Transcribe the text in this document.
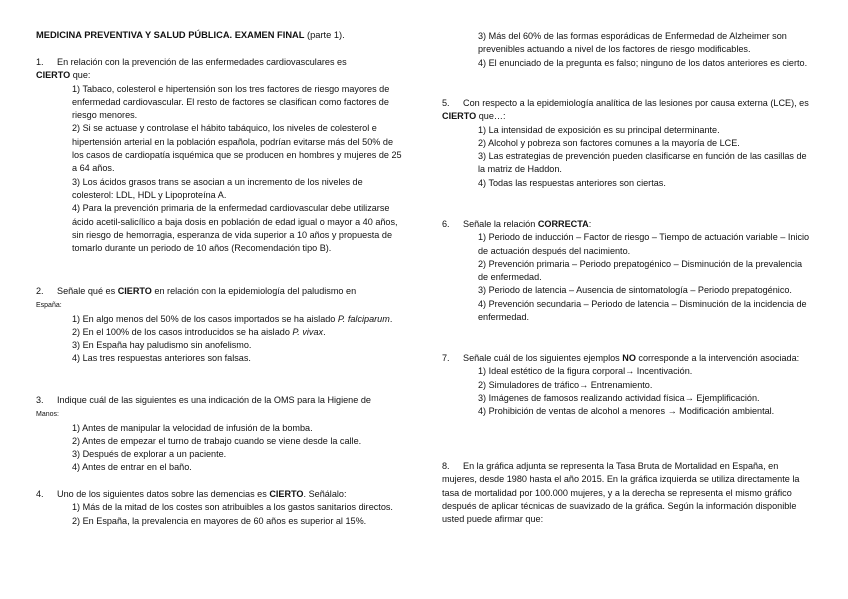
MEDICINA PREVENTIVA Y SALUD PÚBLICA. EXAMEN FINAL (parte 1).

1. En relación con la prevención de las enfermedades cardiovasculares es
CIERTO que:

1) Tabaco, colesterol e hipertensión son los tres factores de riesgo mayores de enfermedad cardiovascular. El resto de factores se clasifican como factores de riesgo menores.

2) Si se actuase y controlase el hábito tabáquico, los niveles de colesterol e hipertensión arterial en la población española, podrían evitarse más del 50% de los casos de cardiopatía isquémica que se producen en hombres y mujeres de 25 a 64 años.

3) Los ácidos grasos trans se asocian a un incremento de los niveles de colesterol: LDL, HDL y Lipoproteína A.

4) Para la prevención primaria de la enfermedad cardiovascular debe utilizarse ácido acetil-salicílico a baja dosis en población de edad igual o mayor a 40 años, sin riesgo de hemorragia, esperanza de vida superior a 10 años y propuesta de tomarlo durante un periodo de 10 años (Recomendación tipo B).

2. Señale qué es CIERTO en relación con la epidemiología del paludismo en
España:

1) En algo menos del 50% de los casos importados se ha aislado P. falciparum.

2) En el 100% de los casos introducidos se ha aislado P. vivax.

3) En España hay paludismo sin anofelismo.

4) Las tres respuestas anteriores son falsas.

3. Indique cuál de las siguientes es una indicación de la OMS para la Higiene de
Manos:

1) Antes de manipular la velocidad de infusión de la bomba.

2) Antes de empezar el turno de trabajo cuando se viene desde la calle.

3) Después de explorar a un paciente.

4) Antes de entrar en el baño.

4. Uno de los siguientes datos sobre las demencias es CIERTO. Señálalo:

1) Más de la mitad de los costes son atribuibles a los gastos sanitarios directos.

2) En España, la prevalencia en mayores de 60 años es superior al 15%.

3) Más del 60% de las formas esporádicas de Enfermedad de Alzheimer son prevenibles actuando a nivel de los factores de riesgo modificables.

4) El enunciado de la pregunta es falso; ninguno de los datos anteriores es cierto.

5. Con respecto a la epidemiología analítica de las lesiones por causa externa (LCE), es CIERTO que…:

1) La intensidad de exposición es su principal determinante.

2) Alcohol y pobreza son factores comunes a la mayoría de LCE.

3) Las estrategias de prevención pueden clasificarse en función de las casillas de la matriz de Haddon.

4) Todas las respuestas anteriores son ciertas.

6. Señale la relación CORRECTA:

1) Periodo de inducción – Factor de riesgo – Tiempo de actuación variable – Inicio de actuación después del nacimiento.

2) Prevención primaria – Periodo prepatogénico – Disminución de la prevalencia de enfermedad.

3) Periodo de latencia – Ausencia de sintomatología – Periodo prepatogénico.

4) Prevención secundaria – Periodo de latencia – Disminución de la incidencia de enfermedad.

7. Señale cuál de los siguientes ejemplos NO corresponde a la intervención asociada:

1) Ideal estético de la figura corporal→ Incentivación.

2) Simuladores de tráfico→ Entrenamiento.

3) Imágenes de famosos realizando actividad física→ Ejemplificación.

4) Prohibición de ventas de alcohol a menores → Modificación ambiental.

8. En la gráfica adjunta se representa la Tasa Bruta de Mortalidad en España, en mujeres, desde 1980 hasta el año 2015. En la gráfica izquierda se utiliza directamente la tasa de mortalidad por 100.000 mujeres, y a la derecha se representa el mismo gráfico después de aplicar técnicas de suavizado de la gráfica. Según la información disponible usted puede afirmar que:
